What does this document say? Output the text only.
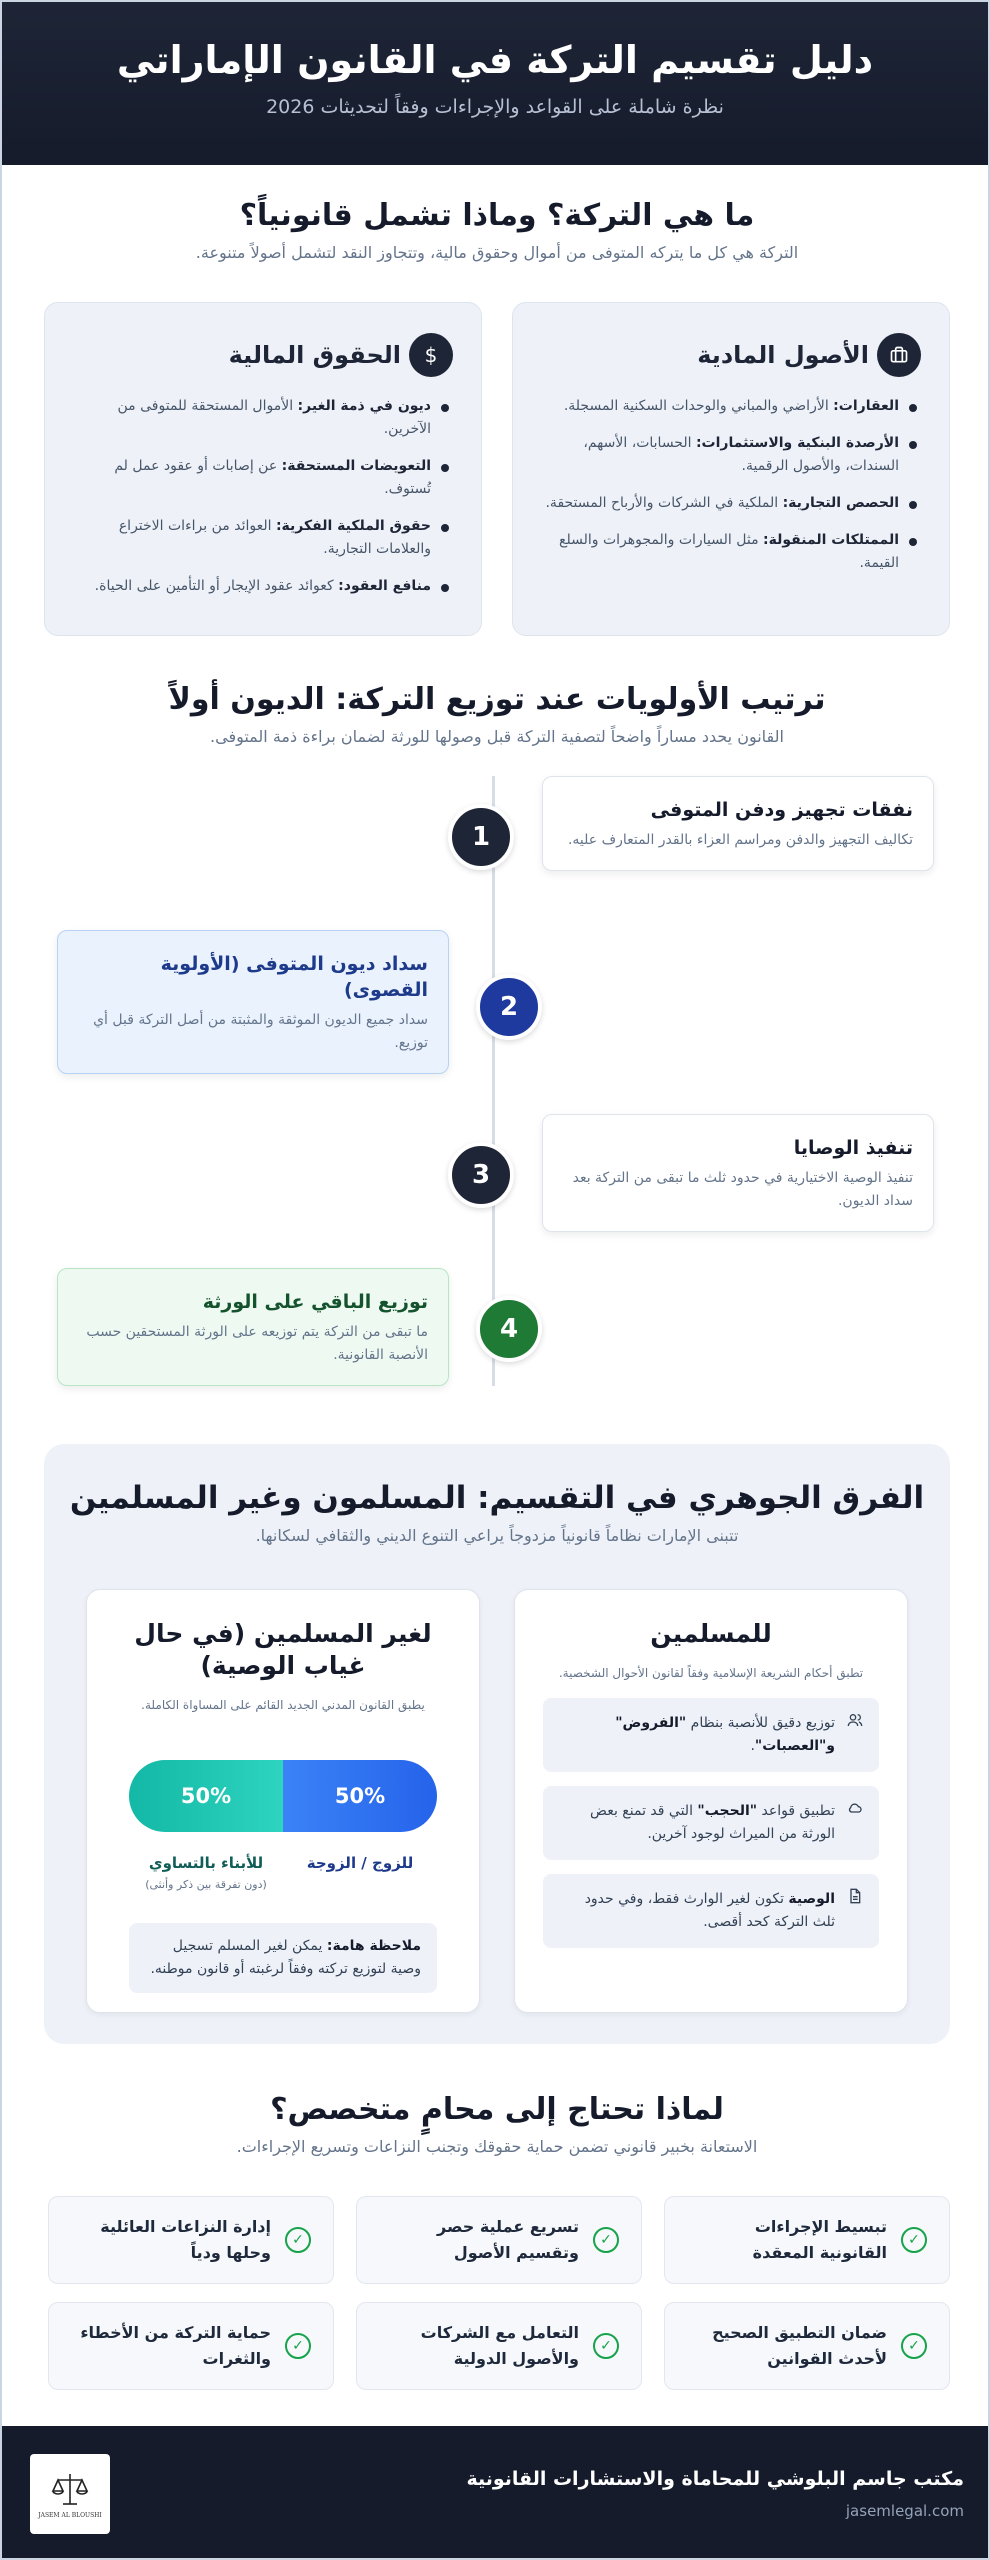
دليل تقسيم التركة في القانون الإماراتي

نظرة شاملة على القواعد والإجراءات وفقاً لتحديثات 2026

ما هي التركة؟ وماذا تشمل قانونياً؟

التركة هي كل ما يتركه المتوفى من أموال وحقوق مالية، وتتجاوز النقد لتشمل أصولاً متنوعة.

الأصول المادية
العقارات: الأراضي والمباني والوحدات السكنية المسجلة.
الأرصدة البنكية والاستثمارات: الحسابات، الأسهم، السندات، والأصول الرقمية.
الحصص التجارية: الملكية في الشركات والأرباح المستحقة.
الممتلكات المنقولة: مثل السيارات والمجوهرات والسلع القيمة.
$
الحقوق المالية
ديون في ذمة الغير: الأموال المستحقة للمتوفى من الآخرين.
التعويضات المستحقة: عن إصابات أو عقود عمل لم تُستوف.
حقوق الملكية الفكرية: العوائد من براءات الاختراع والعلامات التجارية.
منافع العقود: كعوائد عقود الإيجار أو التأمين على الحياة.
ترتيب الأولويات عند توزيع التركة: الديون أولاً

القانون يحدد مساراً واضحاً لتصفية التركة قبل وصولها للورثة لضمان براءة ذمة المتوفى.

1
نفقات تجهيز ودفن المتوفى

تكاليف التجهيز والدفن ومراسم العزاء بالقدر المتعارف عليه.

2
سداد ديون المتوفى (الأولوية القصوى)

سداد جميع الديون الموثقة والمثبتة من أصل التركة قبل أي توزيع.

3
تنفيذ الوصايا

تنفيذ الوصية الاختيارية في حدود ثلث ما تبقى من التركة بعد سداد الديون.

4
توزيع الباقي على الورثة

ما تبقى من التركة يتم توزيعه على الورثة المستحقين حسب الأنصبة القانونية.

الفرق الجوهري في التقسيم: المسلمون وغير المسلمين

تتبنى الإمارات نظاماً قانونياً مزدوجاً يراعي التنوع الديني والثقافي لسكانها.

للمسلمين

تطبق أحكام الشريعة الإسلامية وفقاً لقانون الأحوال الشخصية.

توزيع دقيق للأنصبة بنظام "الفروض" و"العصبات".
تطبيق قواعد "الحجب" التي قد تمنع بعض الورثة من الميراث لوجود آخرين.
الوصية تكون لغير الوارث فقط، وفي حدود ثلث التركة كحد أقصى.
لغير المسلمين (في حال غياب الوصية)

يطبق القانون المدني الجديد القائم على المساواة الكاملة.

50%
50%
للزوج / الزوجة
للأبناء بالتساوي
(دون تفرقة بين ذكر وأنثى)
ملاحظة هامة: يمكن لغير المسلم تسجيل وصية لتوزيع تركته وفقاً لرغبته أو قانون موطنه.
لماذا تحتاج إلى محامٍ متخصص؟

الاستعانة بخبير قانوني تضمن حماية حقوقك وتجنب النزاعات وتسريع الإجراءات.

✓
تبسيط الإجراءات القانونية المعقدة
✓
تسريع عملية حصر وتقسيم الأصول
✓
إدارة النزاعات العائلية وحلها ودياً
✓
ضمان التطبيق الصحيح لأحدث القوانين
✓
التعامل مع الشركات والأصول الدولية
✓
حماية التركة من الأخطاء والثغرات
مكتب جاسم البلوشي للمحاماة والاستشارات القانونية
jasemlegal.com
JASEM AL BLOUSHI
